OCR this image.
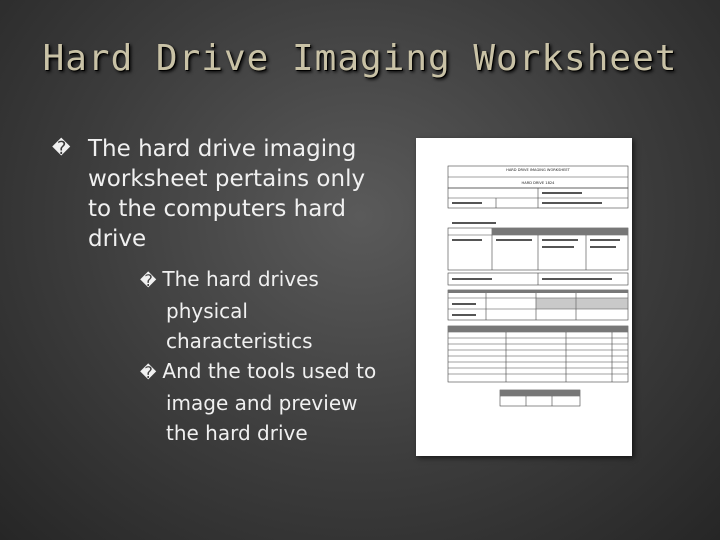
Hard Drive Imaging Worksheet
� The hard drive imaging worksheet pertains only to the computers hard drive
� The hard drives physical characteristics
� And the tools used to image and preview the hard drive
HARD DRIVE IMAGING WORKSHEET
HARD DRIVE 1824
